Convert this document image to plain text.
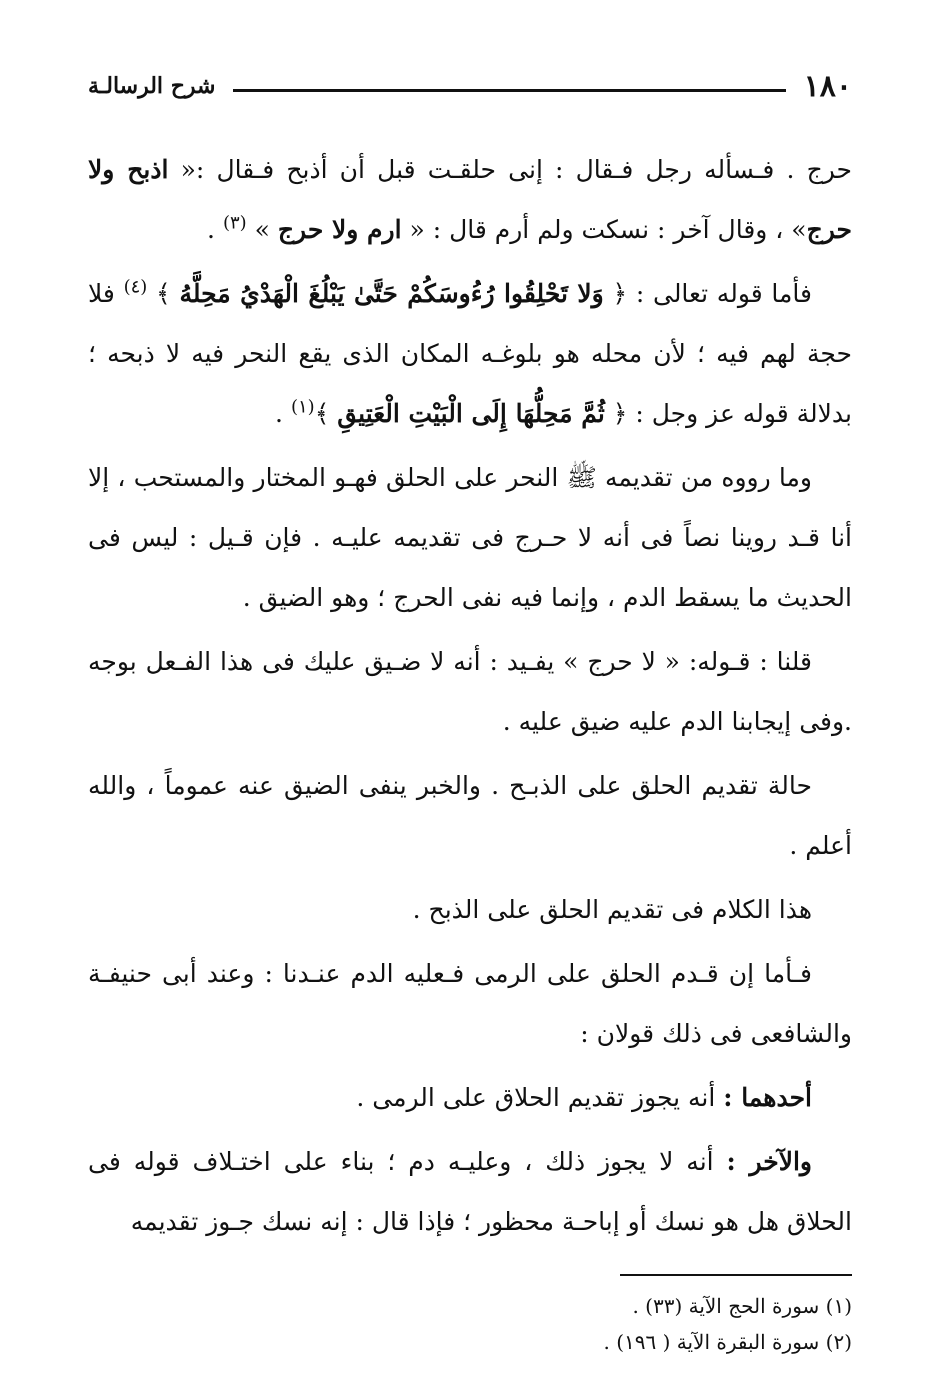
١٨٠
شرح الرسالـة

حرج . فـسأله رجل فـقال : إنى حلقـت قبل أن أذبح فـقال :« اذبح ولا حرج» ، وقال آخر : نسكت ولم أرم قال : « ارم ولا حرج » $^{(٣)}$ .

فأما قوله تعالى : ﴿ وَلا تَحْلِقُوا رُءُوسَكُمْ حَتَّىٰ يَبْلُغَ الْهَدْيُ مَحِلَّهُ ﴾ $^{(٤)}$ فلا حجة لهم فيه ؛ لأن محله هو بلوغـه المكان الذى يقع النحر فيه لا ذبحه ؛ بدلالة قوله عز وجل : ﴿ ثُمَّ مَحِلُّهَا إِلَى الْبَيْتِ الْعَتِيقِ ﴾$^{(١)}$ .

وما رووه من تقديمه ﷺ النحر على الحلق فهـو المختار والمستحب ، إلا أنا قـد روينا نصاً فى أنه لا حـرج فى تقديمه عليـه . فإن قـيل : ليس فى الحديث ما يسقط الدم ، وإنما فيه نفى الحرج ؛ وهو الضيق .

قلنا : قـوله: « لا حرج » يفـيد : أنه لا ضـيق عليك فى هذا الفـعل بوجه .وفى إيجابنا الدم عليه ضيق عليه .

حالة تقديم الحلق على الذبـح . والخبر ينفى الضيق عنه عموماً ، والله أعلم .

هذا الكلام فى تقديم الحلق على الذبح .

فـأما إن قـدم الحلق على الرمى فـعليه الدم عنـدنا : وعند أبى حنيفـة والشافعى فى ذلك قولان :

أحدهما : أنه يجوز تقديم الحلاق على الرمى .

والآخر : أنه لا يجوز ذلك ، وعليـه دم ؛ بناء على اختـلاف قوله فى الحلاق هل هو نسك أو إباحـة محظور ؛ فإذا قال : إنه نسك جـوز تقديمه

(١) سورة الحج الآية (٣٣) .

(٢) سورة البقرة الآية ( ١٩٦) .
